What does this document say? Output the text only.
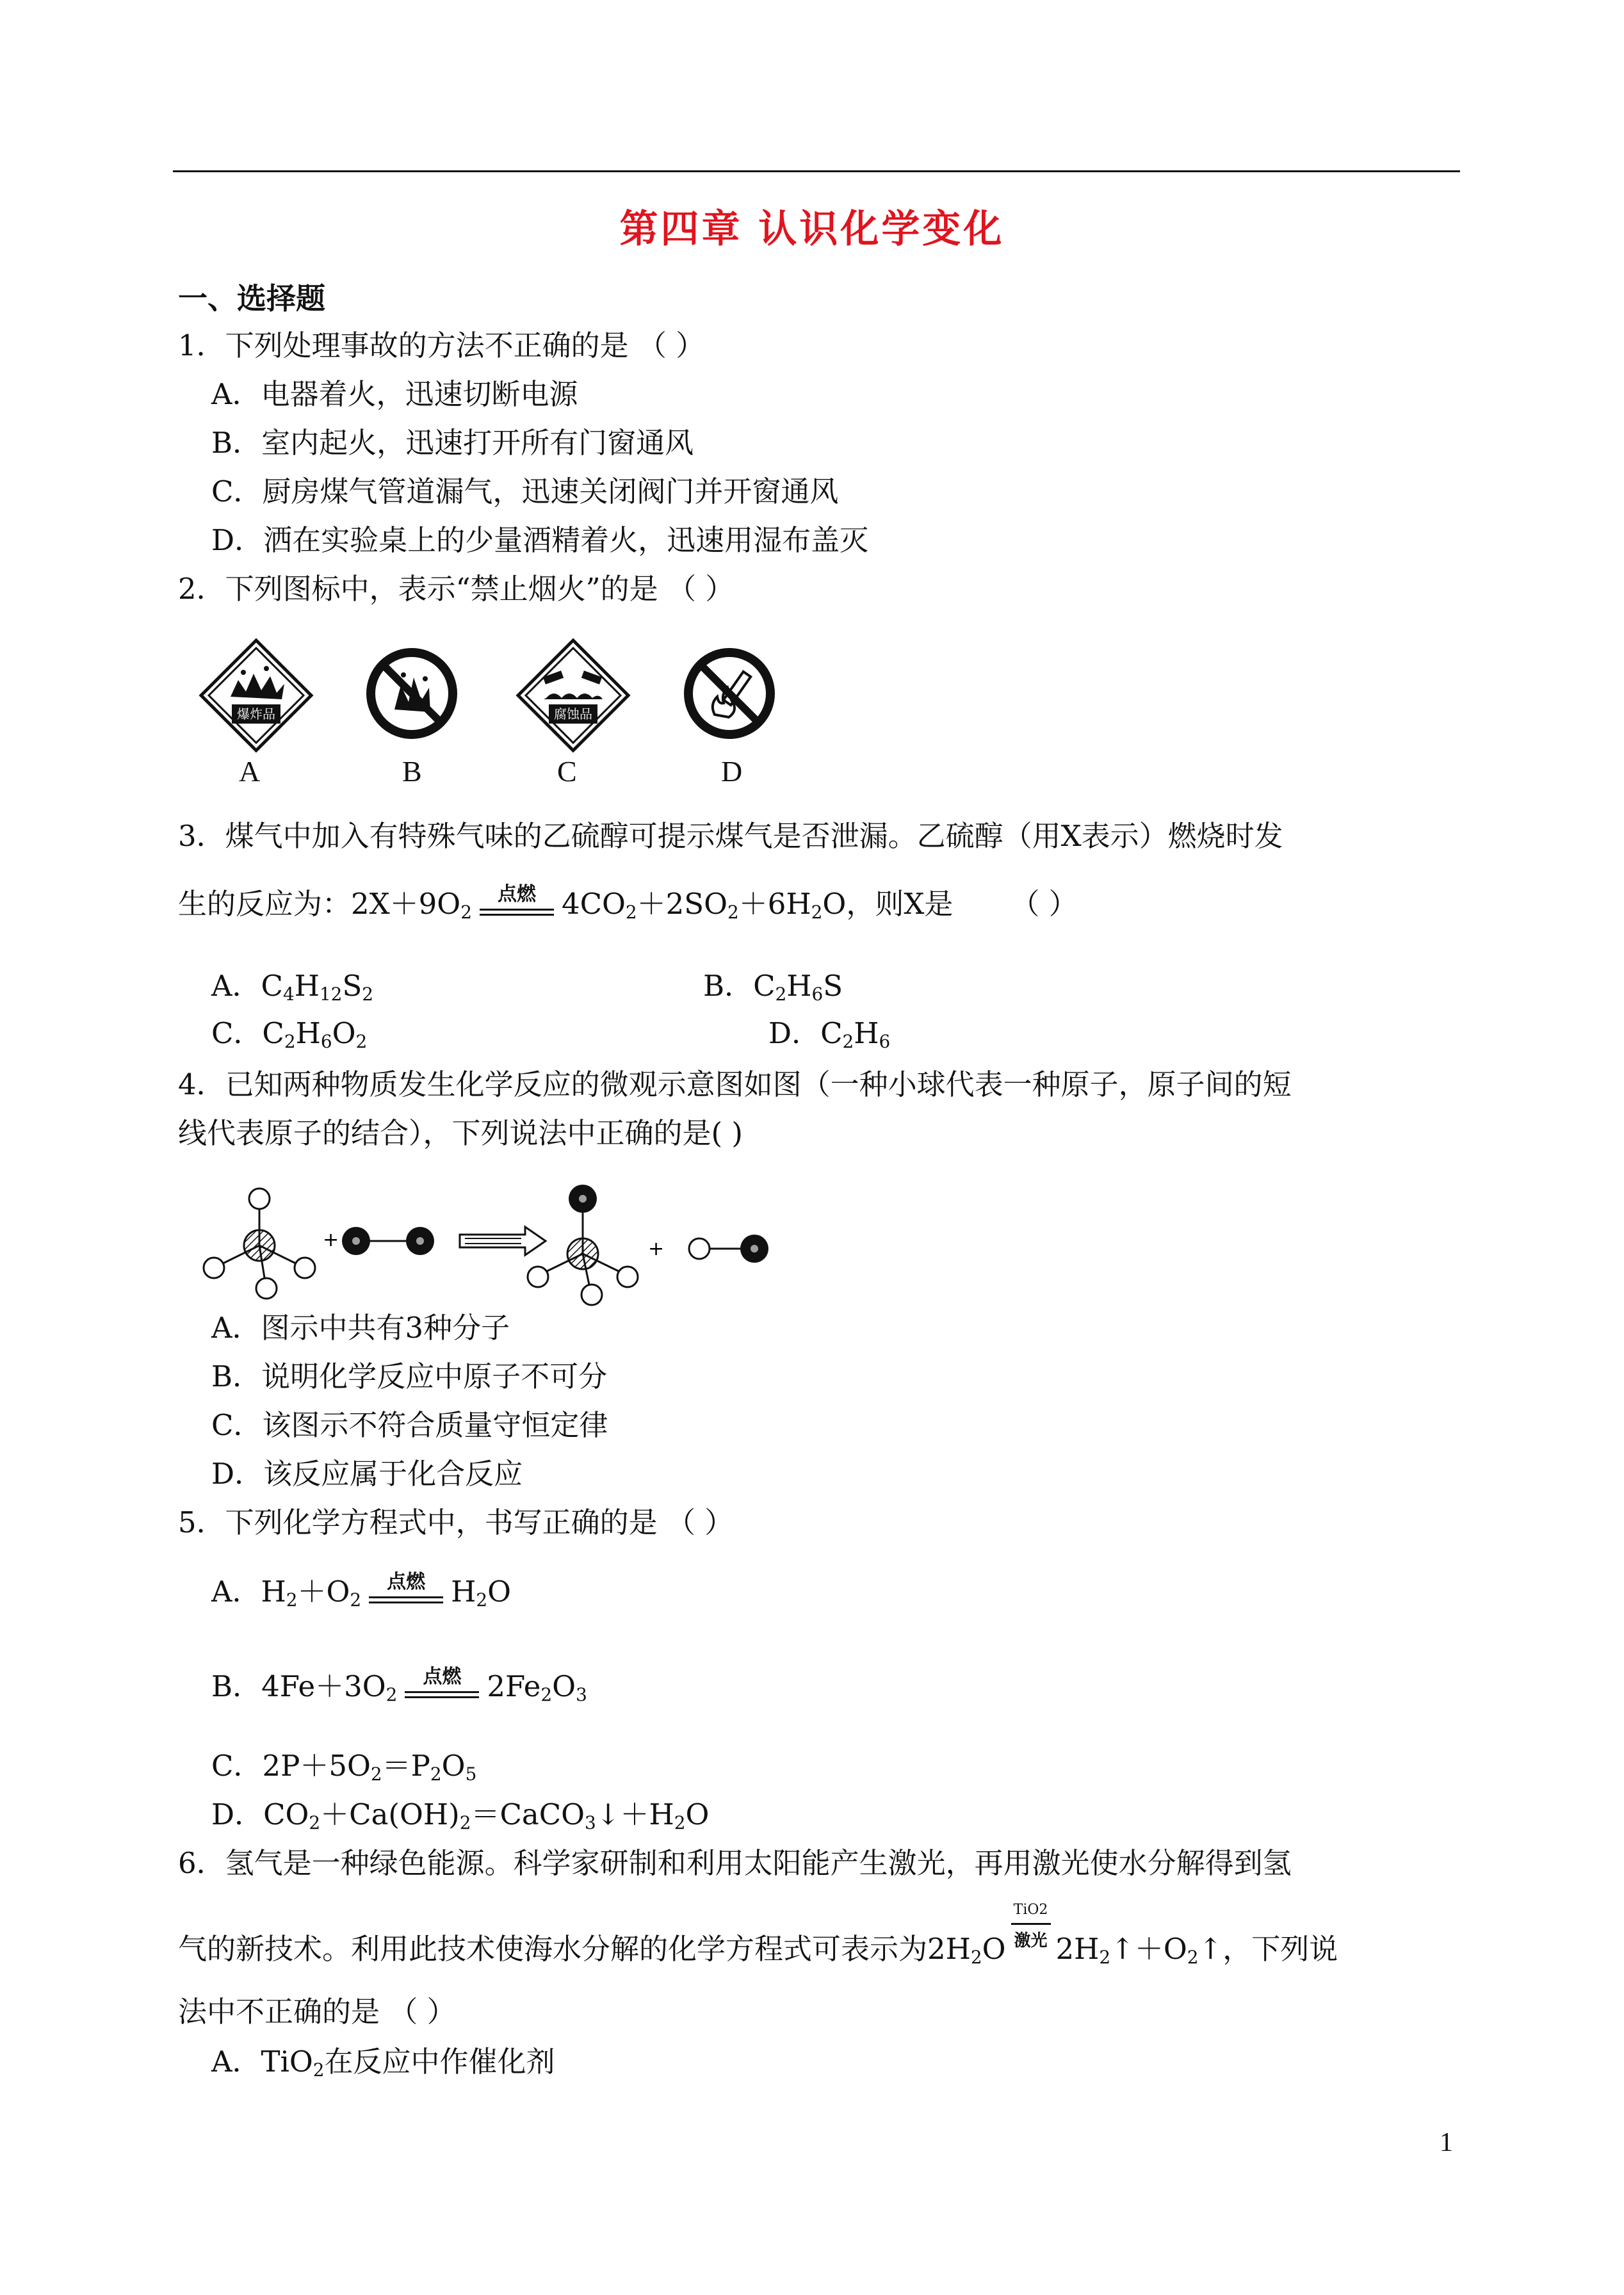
第四章 认识化学变化
一、选择题
1．下列处理事故的方法不正确的是 （ ）
A．电器着火，迅速切断电源
B．室内起火，迅速打开所有门窗通风
C．厨房煤气管道漏气，迅速关闭阀门并开窗通风
D．洒在实验桌上的少量酒精着火，迅速用湿布盖灭
2．下列图标中，表示“禁止烟火”的是 （ ）
爆炸品
A	B
腐蚀品
C	D
3．煤气中加入有特殊气味的乙硫醇可提示煤气是否泄漏。乙硫醇（用X表示）燃烧时发
生的反应为：$2X+9O_2$
点燃 $4CO_2+2SO_2+6H_2O$，则X是 （ ）
A．$C_4H_{12}S_2$	B．$C_2H_6S$
C．$C_2H_6O_2$	D．$C_2H_6$
4．已知两种物质发生化学反应的微观示意图如图（一种小球代表一种原子，原子间的短
线代表原子的结合），下列说法中正确的是( )
+	+
A．图示中共有3种分子
B．说明化学反应中原子不可分
C．该图示不符合质量守恒定律
D．该反应属于化合反应
5．下列化学方程式中，书写正确的是 （ ）
A．$H_2+O_2$
点燃 $H_2O$
B．$4Fe+3O_2$
点燃 $2Fe_2O_3$
C．$2P+5O_2=P_2O_5$
D．$CO_2+Ca(OH)_2=CaCO_3↓+H_2O$
6．氢气是一种绿色能源。科学家研制和利用太阳能产生激光，再用激光使水分解得到氢
气的新技术。利用此技术使海水分解的化学方程式可表示为$2H_2O$
TiO2
激光 $2H_2↑+O_2↑$，下列说
法中不正确的是 （ ）
A．TiO$_2$在反应中作催化剂
1
